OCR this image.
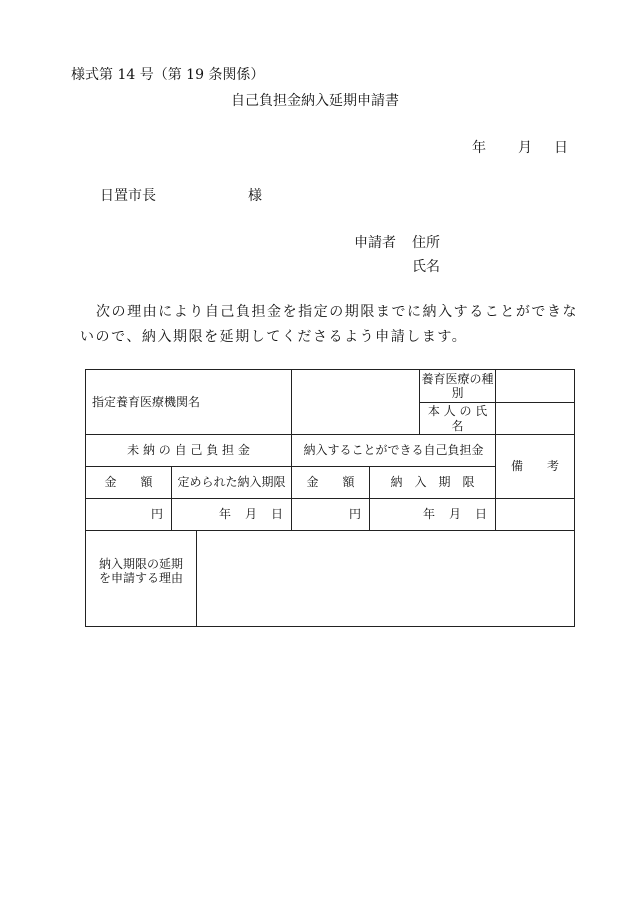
様式第 14 号（第 19 条関係）
自己負担金納入延期申請書
年 月 日
日置市長	様
申請者 住所
氏名
次の理由により自己負担金を指定の期限までに納入することができな
いので、納入期限を延期してくださるよう申請します。
指定養育医療機関名					養育医療の種別	
					本 人 の 氏 名	
未 納 の 自 己 負 担 金			納入することができる自己負担金			備　　考
金　　額	定められた納入期限		金　　額	納　入　期　限		
円	年 月 日		円	年 月 日		
納入期限の延期
を申請する理由						
